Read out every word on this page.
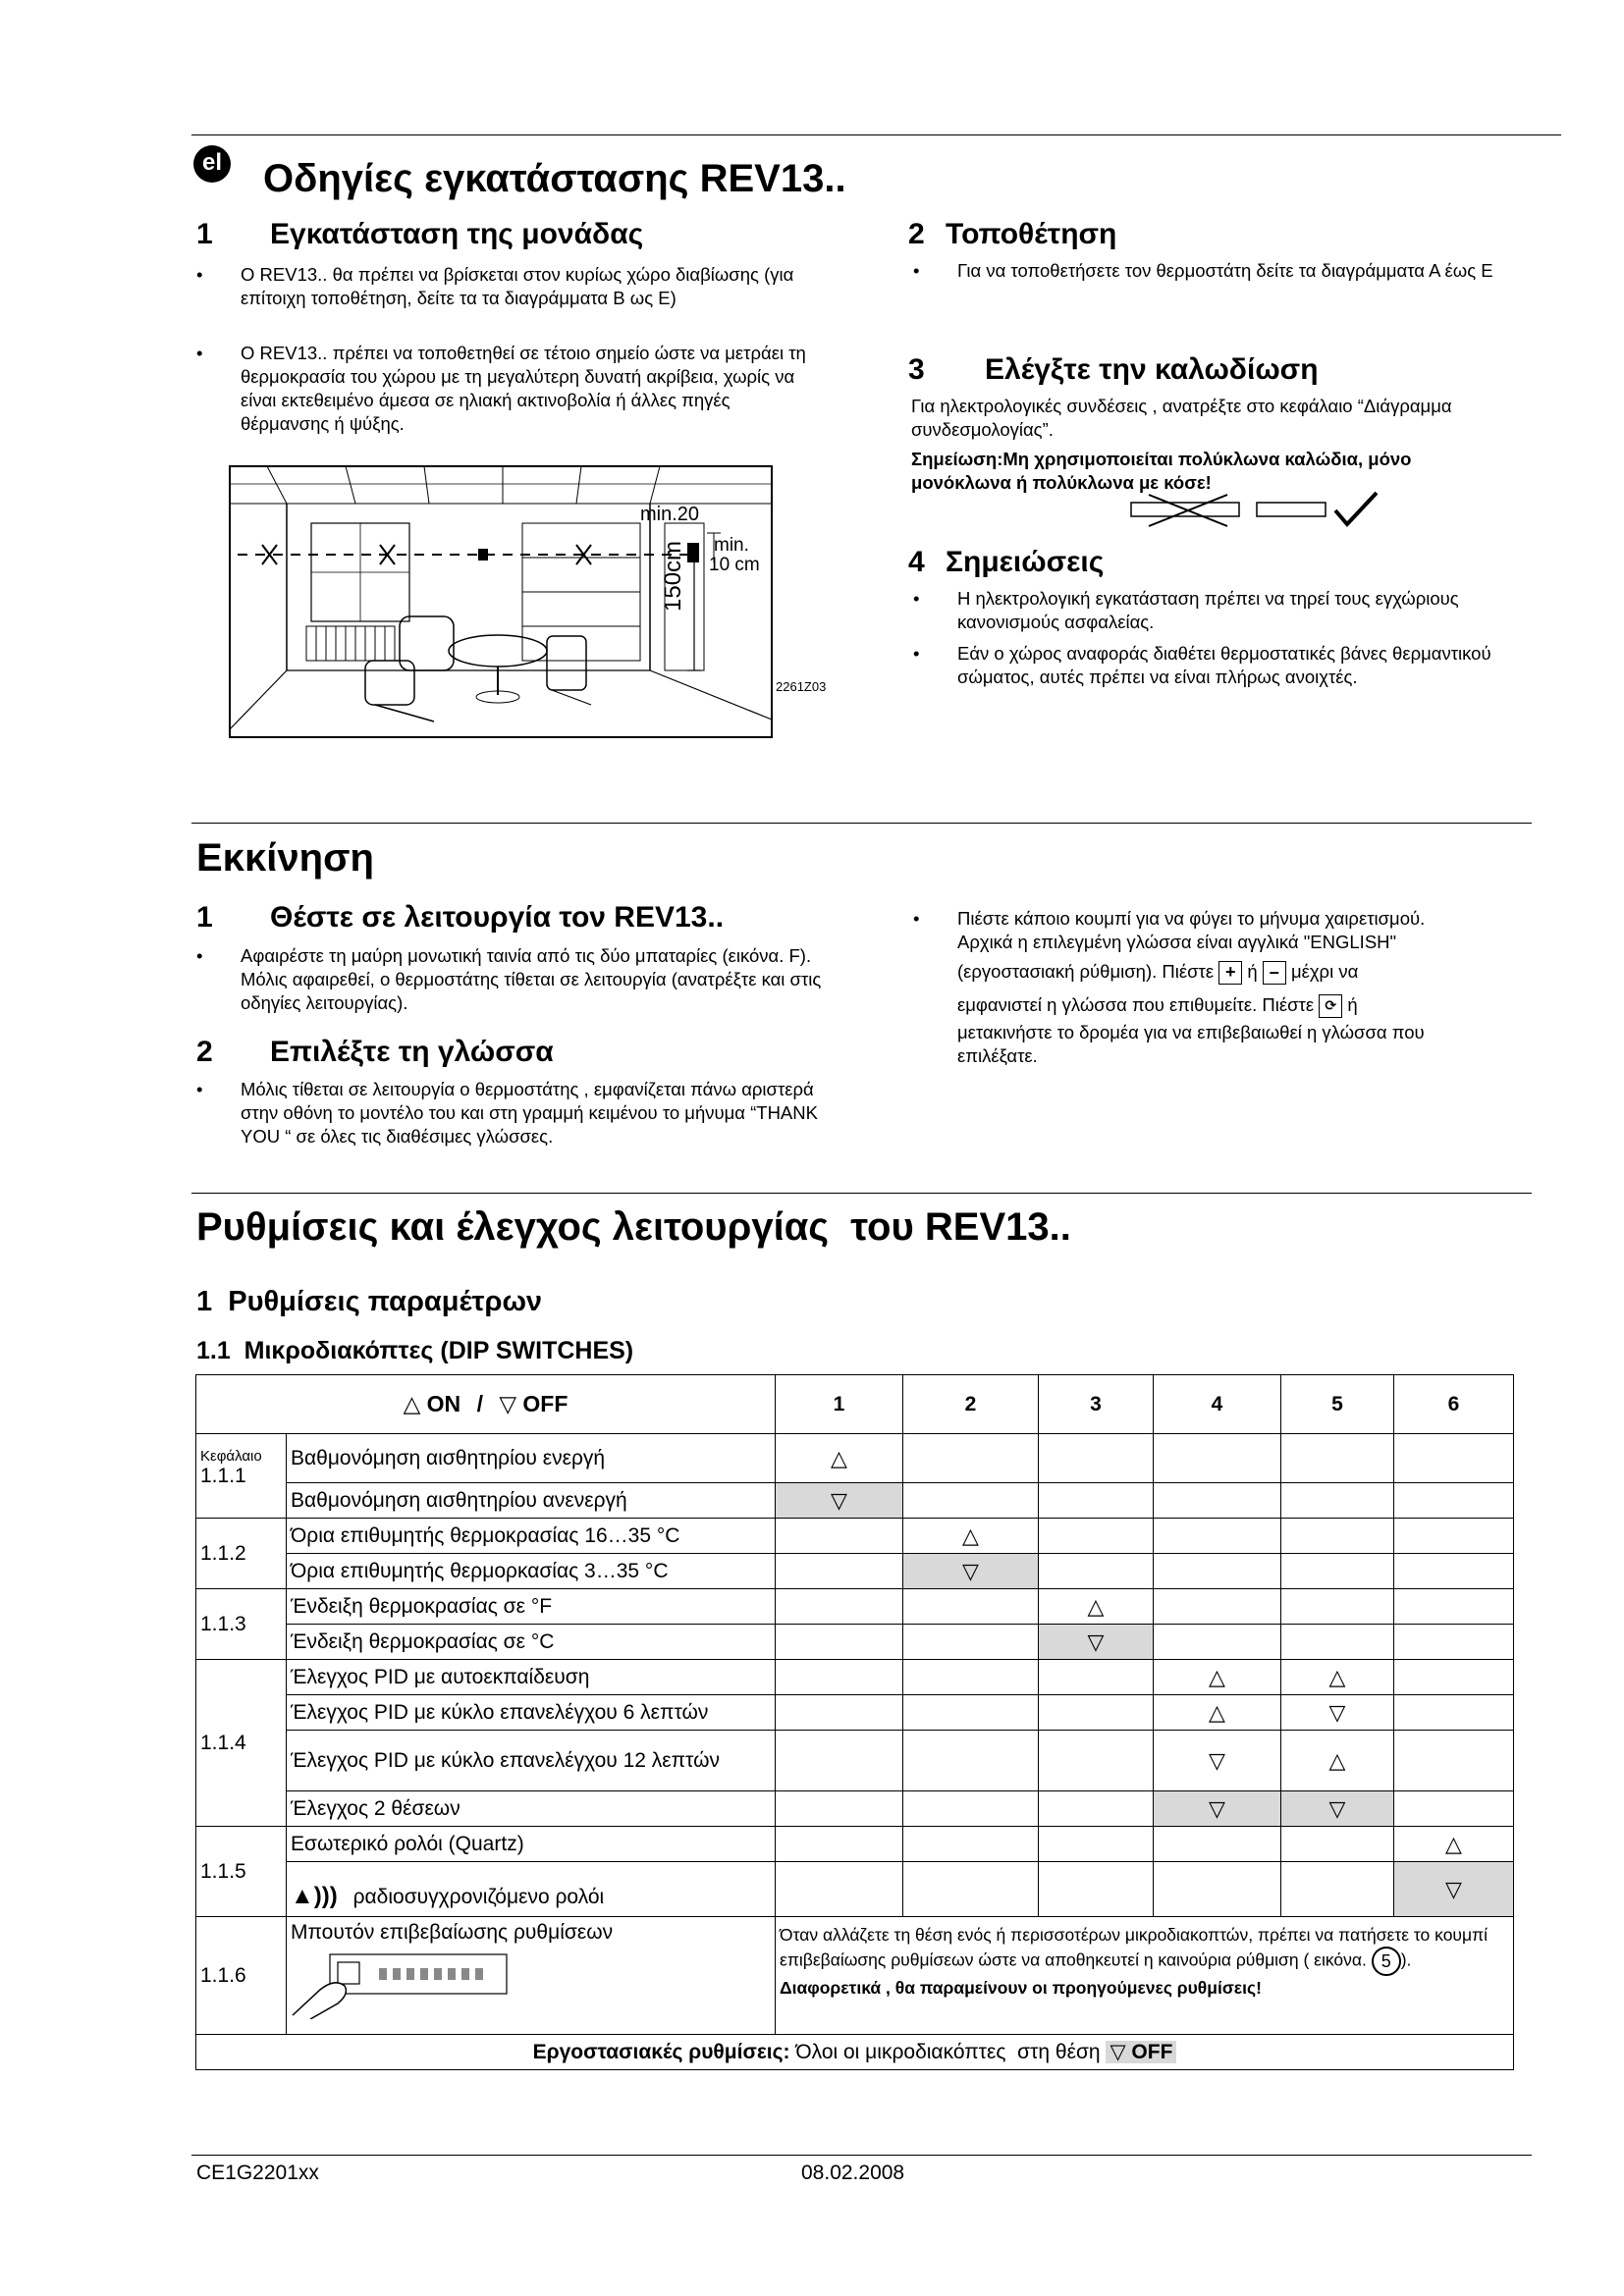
el Οδηγίες εγκατάστασης REV13..
1 Εγκατάσταση της μονάδας
• Ο REV13.. θα πρέπει να βρίσκεται στον κυρίως χώρο διαβίωσης (για επίτοιχη τοποθέτηση, δείτε τα τα διαγράμματα Β ως Ε)
• Ο REV13.. πρέπει να τοποθετηθεί σε τέτοιο σημείο ώστε να μετράει τη θερμοκρασία του χώρου με τη μεγαλύτερη δυνατή ακρίβεια, χωρίς να είναι εκτεθειμένο άμεσα σε ηλιακή ακτινοβολία ή άλλες πηγές θέρμανσης ή ψύξης.
min.20
min.
10 cm
150cm
2261Z03
2 Τοποθέτηση
• Για να τοποθετήσετε τον θερμοστάτη δείτε τα διαγράμματα Α έως Ε
3 Ελέγξτε την καλωδίωση
Για ηλεκτρολογικές συνδέσεις , ανατρέξτε στο κεφάλαιο “Διάγραμμα συνδεσμολογίας”.
Σημείωση:Μη χρησιμοποιείται πολύκλωνα καλώδια, μόνο μονόκλωνα ή πολύκλωνα με κόσε!
4 Σημειώσεις
• Η ηλεκτρολογική εγκατάσταση πρέπει να τηρεί τους εγχώριους κανονισμούς ασφαλείας.
• Εάν ο χώρος αναφοράς διαθέτει θερμοστατικές βάνες θερμαντικού σώματος, αυτές πρέπει να είναι πλήρως ανοιχτές.
Εκκίνηση
1 Θέστε σε λειτουργία τον REV13..
• Αφαιρέστε τη μαύρη μονωτική ταινία από τις δύο μπαταρίες (εικόνα. F). Μόλις αφαιρεθεί, ο θερμοστάτης τίθεται σε λειτουργία (ανατρέξτε και στις οδηγίες λειτουργίας).
2 Επιλέξτε τη γλώσσα
• Μόλις τίθεται σε λειτουργία ο θερμοστάτης , εμφανίζεται πάνω αριστερά στην οθόνη το μοντέλο του και στη γραμμή κειμένου το μήνυμα “THANK YOU “ σε όλες τις διαθέσιμες γλώσσες.
• Πιέστε κάποιο κουμπί για να φύγει το μήνυμα χαιρετισμού.
Αρχικά η επιλεγμένη γλώσσα είναι αγγλικά "ENGLISH"
(εργοστασιακή ρύθμιση). Πιέστε + ή – μέχρι να
εμφανιστεί η γλώσσα που επιθυμείτε. Πιέστε ⟳ ή
μετακινήστε το δρομέα για να επιβεβαιωθεί η γλώσσα που
επιλέξατε.
Ρυθμίσεις και έλεγχος λειτουργίας  του REV13..
1  Ρυθμίσεις παραμέτρων
1.1  Μικροδιακόπτες (DIP SWITCHES)
△ ON / ▽ OFF		1	2	3	4	5	6

Κεφάλαιο
1.1.1	Βαθμονόμηση αισθητηρίου ενεργή	△					
	Βαθμονόμηση αισθητηρίου ανενεργή	▽					
1.1.2	Όρια επιθυμητής θερμοκρασίας 16…35 °C		△				
	Όρια επιθυμητής θερμορκασίας 3…35 °C		▽				
1.1.3	Ένδειξη θερμοκρασίας σε °F			△			
	Ένδειξη θερμοκρασίας σε °C			▽			
1.1.4	Έλεγχος PID με αυτοεκπαίδευση				△	△	
	Έλεγχος PID με κύκλο επανελέγχου 6 λεπτών				△	▽	
	Έλεγχος PID με κύκλο επανελέγχου 12 λεπτών				▽	△	
	Έλεγχος 2 θέσεων				▽	▽	
1.1.5	Εσωτερικό ρολόι (Quartz)						△
	▲))) ραδιοσυγχρονιζόμενο ρολόι						▽
1.1.6	Μπουτόν επιβεβαίωσης ρυθμίσεων	Όταν αλλάζετε τη θέση ενός ή περισσοτέρων μικροδιακοπτών, πρέπει να πατήσετε το κουμπί επιβεβαίωσης ρυθμίσεων ώστε να αποθηκευτεί η καινούρια ρύθμιση ( εικόνα. 5 ).
Διαφορετικά , θα παραμείνουν οι προηγούμενες ρυθμίσεις!					

Εργοστασιακές ρυθμίσεις: Όλοι οι μικροδιακόπτες  στη θέση ▽ OFF							
CE1G2201xx	08.02.2008
